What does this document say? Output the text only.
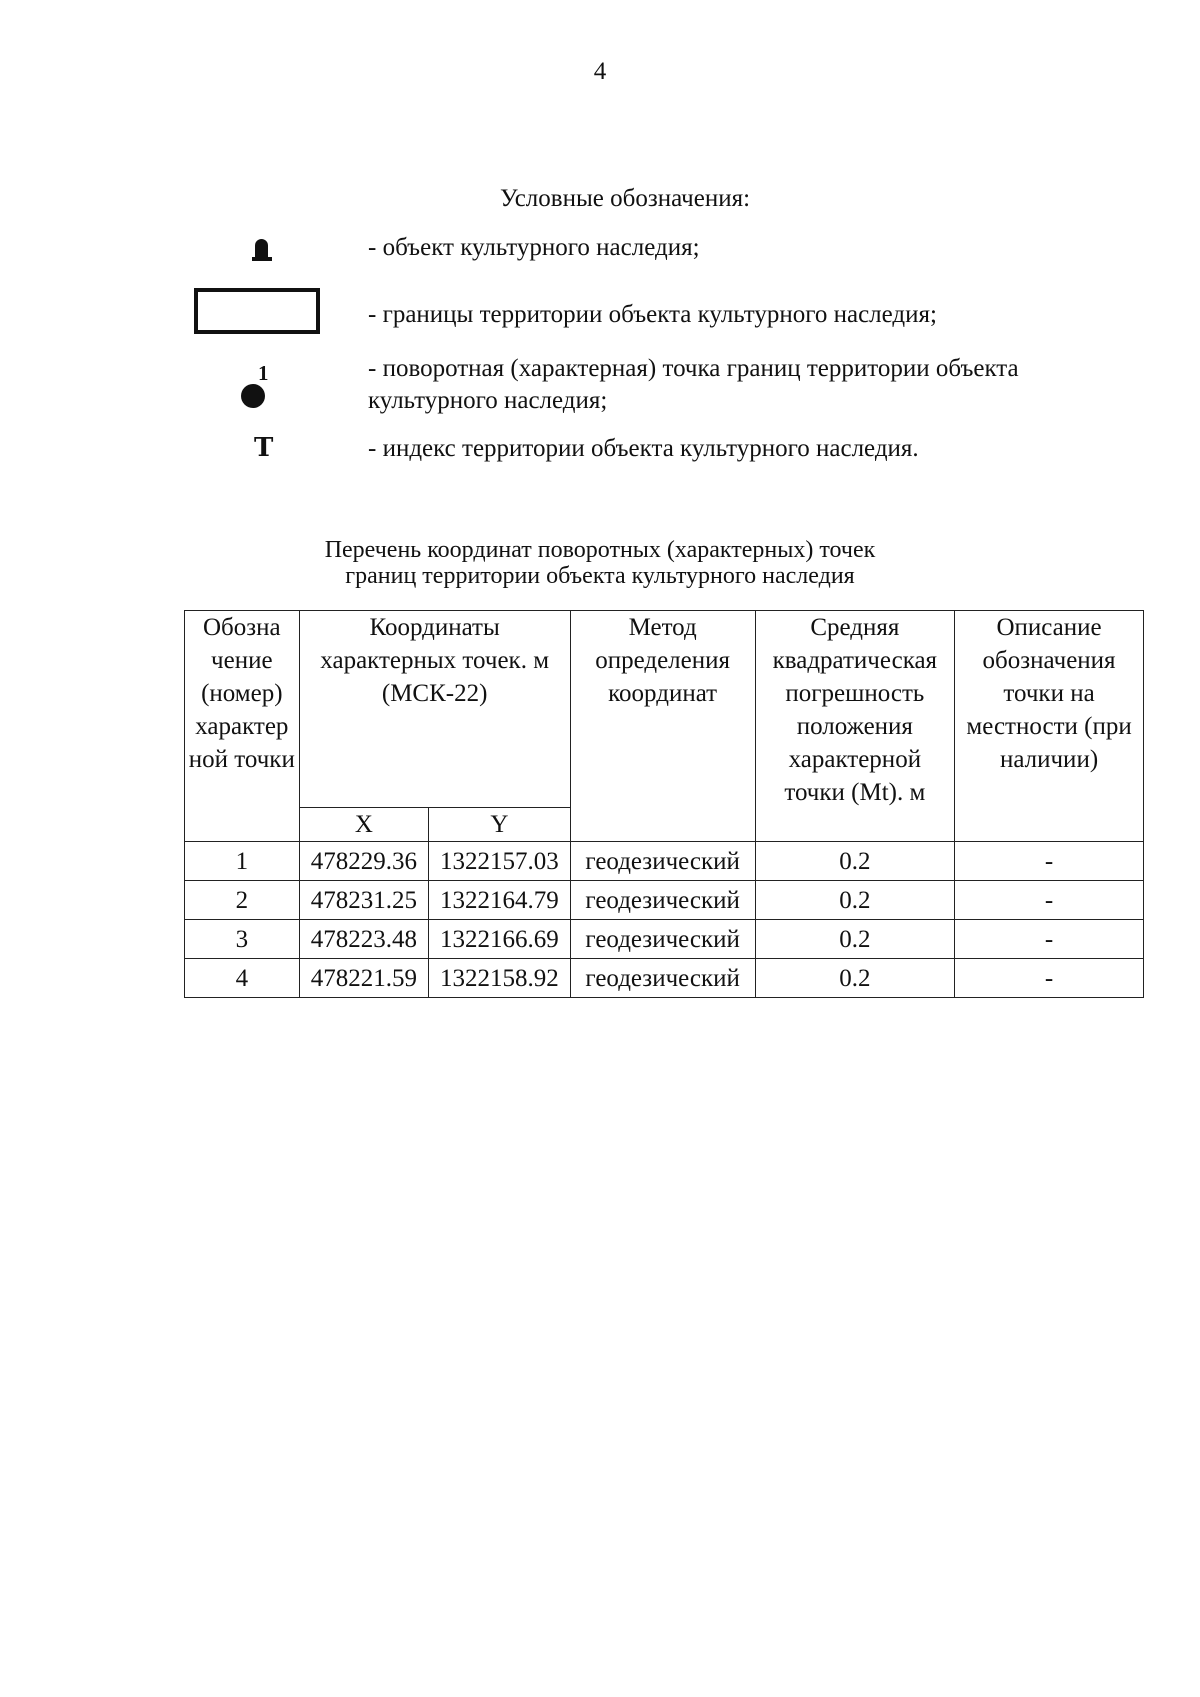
4
Условные обозначения:
- объект культурного наследия;
- границы территории объекта культурного наследия;
1	- поворотная (характерная) точка границ территории объекта культурного наследия;
Т	- индекс территории объекта культурного наследия.
Перечень координат поворотных (характерных) точек
границ территории объекта культурного наследия
Обозна чение (номер) характер ной точки	Координаты характерных точек. м (МСК-22)		Метод определения координат	Средняя квадратическая погрешность положения характерной точки (Mt). м	Описание обозначения точки на местности (при наличии)
	X	Y			
1	478229.36	1322157.03	геодезический	0.2	-
2	478231.25	1322164.79	геодезический	0.2	-
3	478223.48	1322166.69	геодезический	0.2	-
4	478221.59	1322158.92	геодезический	0.2	-
